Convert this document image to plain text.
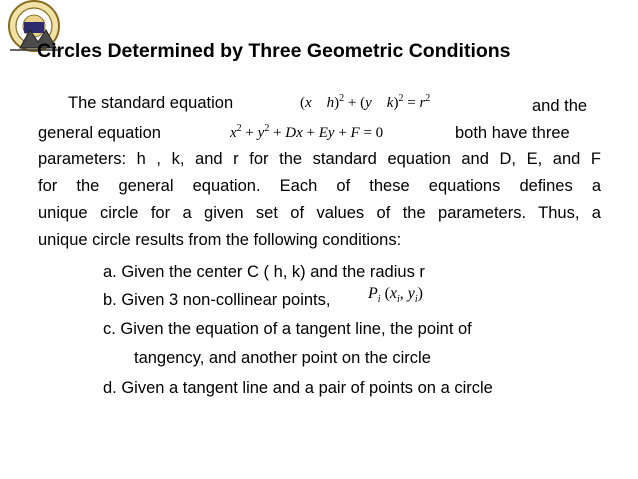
Circles Determined by Three Geometric Conditions
The standard equation	(x    h)$^2$ + (y    $k)^2 = r^2$	and the
general equation	$x^2 + y^2 + Dx + Ey + F = 0$	both have three
parameters: h , k, and r for the standard equation and D, E, and F
for the general equation. Each of these equations defines a
unique circle for a given set of values of the parameters. Thus, a
unique circle results from the following conditions:
a. Given the center C ( h, k) and the radius r
b. Given 3 non-collinear points, $P_i$ ($x_i$, $y_i$)
c. Given the equation of a tangent line, the point of
tangency, and another point on the circle
d. Given a tangent line and a pair of points on a circle
